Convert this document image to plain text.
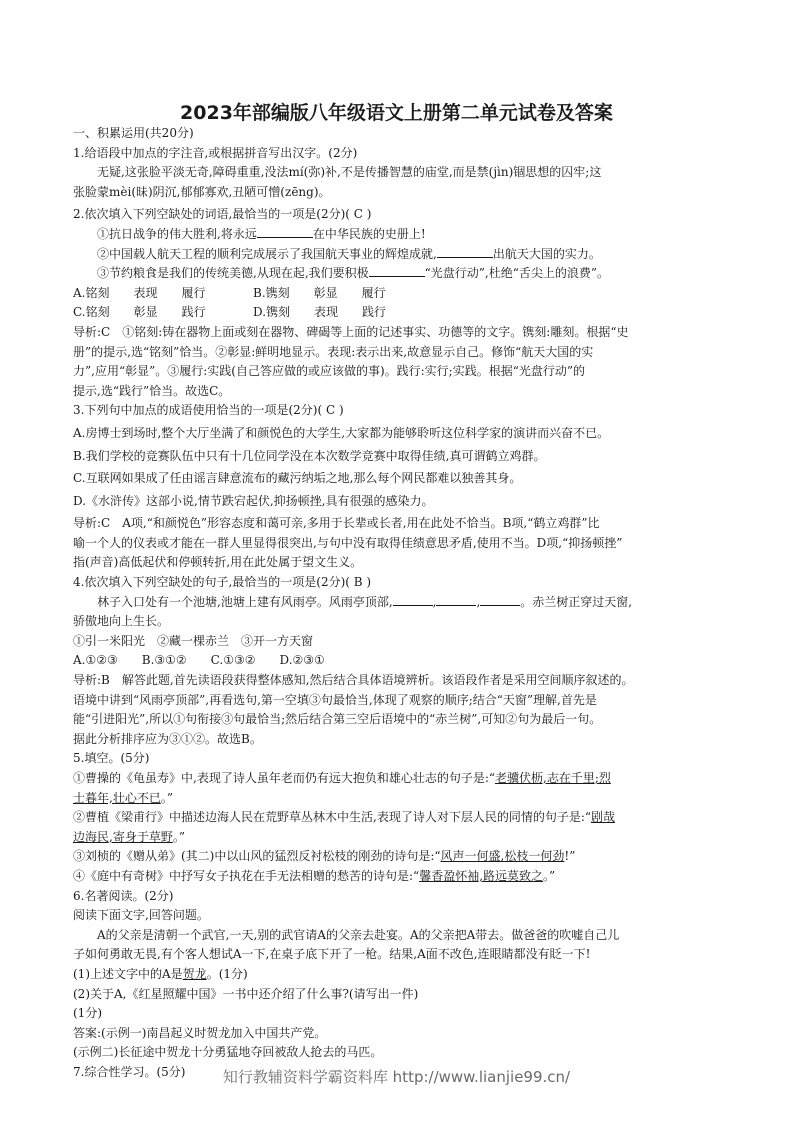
2023年部编版八年级语文上册第二单元试卷及答案
一、积累运用(共20分)
1.给语段中加点的字注音,或根据拼音写出汉字。(2分)
无疑,这张脸平淡无奇,障碍重重,没法mí(弥)补,不是传播智慧的庙堂,而是禁(jìn)锢思想的囚牢;这
张脸蒙mèi(昧)阴沉,郁郁寡欢,丑陋可憎(zēng)。
2.依次填入下列空缺处的词语,最恰当的一项是(2分)( C )
①抗日战争的伟大胜利,将永远	在中华民族的史册上!
②中国载人航天工程的顺利完成展示了我国航天事业的辉煌成就,	出航天大国的实力。
③节约粮食是我们的传统美德,从现在起,我们要积极	“光盘行动”,杜绝“舌尖上的浪费”。
A.铭刻　　表现　　履行	B.镌刻　　彰显　　履行
C.铭刻　　彰显　　践行	D.镌刻　　表现　　践行
导析:C　①铭刻:铸在器物上面或刻在器物、碑碣等上面的记述事实、功德等的文字。镌刻:雕刻。根据“史
册”的提示,选“铭刻”恰当。②彰显:鲜明地显示。表现:表示出来,故意显示自己。修饰“航天大国的实
力”,应用“彰显”。③履行:实践(自己答应做的或应该做的事)。践行:实行;实践。根据“光盘行动”的
提示,选“践行”恰当。故选C。
3.下列句中加点的成语使用恰当的一项是(2分)( C )
A.房博士到场时,整个大厅坐满了和颜悦色的大学生,大家都为能够聆听这位科学家的演讲而兴奋不已。
B.我们学校的竞赛队伍中只有十几位同学没在本次数学竞赛中取得佳绩,真可谓鹤立鸡群。
C.互联网如果成了任由谣言肆意流布的藏污纳垢之地,那么每个网民都难以独善其身。
D.《水浒传》这部小说,情节跌宕起伏,抑扬顿挫,具有很强的感染力。
导析:C　A项,“和颜悦色”形容态度和蔼可亲,多用于长辈或长者,用在此处不恰当。B项,“鹤立鸡群”比
喻一个人的仪表或才能在一群人里显得很突出,与句中没有取得佳绩意思矛盾,使用不当。D项,“抑扬顿挫”
指(声音)高低起伏和停顿转折,用在此处属于望文生义。
4.依次填入下列空缺处的句子,最恰当的一项是(2分)( B )
林子入口处有一个池塘,池塘上建有风雨亭。风雨亭顶部,	,	,	。赤兰树正穿过天窗,
骄傲地向上生长。
①引一米阳光　②藏一棵赤兰　③开一方天窗
A.①②③　　B.③①②　　C.①③②　　D.②③①
导析:B　解答此题,首先读语段获得整体感知,然后结合具体语境辨析。该语段作者是采用空间顺序叙述的。
语境中讲到“风雨亭顶部”,再看选句,第一空填③句最恰当,体现了观察的顺序;结合“天窗”理解,首先是
能“引进阳光”,所以①句衔接③句最恰当;然后结合第三空后语境中的“赤兰树”,可知②句为最后一句。
据此分析排序应为③①②。故选B。
5.填空。(5分)
①曹操的《龟虽寿》中,表现了诗人虽年老而仍有远大抱负和雄心壮志的句子是:“老骥伏枥,志在千里;烈
士暮年,壮心不已。”
②曹植《梁甫行》中描述边海人民在荒野草丛林木中生活,表现了诗人对下层人民的同情的句子是:“剧哉
边海民,寄身于草野。”
③刘桢的《赠从弟》(其二)中以山风的猛烈反衬松枝的刚劲的诗句是:“风声一何盛,松枝一何劲!”
④《庭中有奇树》中抒写女子执花在手无法相赠的愁苦的诗句是:“馨香盈怀袖,路远莫致之。”
6.名著阅读。(2分)
阅读下面文字,回答问题。
A的父亲是清朝一个武官,一天,别的武官请A的父亲去赴宴。A的父亲把A带去。做爸爸的吹嘘自己儿
子如何勇敢无畏,有个客人想试A一下,在桌子底下开了一枪。结果,A面不改色,连眼睛都没有眨一下!
(1)上述文字中的A是贺龙。(1分)
(2)关于A,《红星照耀中国》一书中还介绍了什么事?(请写出一件)
(1分)
答案:(示例一)南昌起义时贺龙加入中国共产党。
(示例二)长征途中贺龙十分勇猛地夺回被敌人抢去的马匹。
7.综合性学习。(5分)	知行教辅资料学霸资料库 http://www.lianjie99.cn/
